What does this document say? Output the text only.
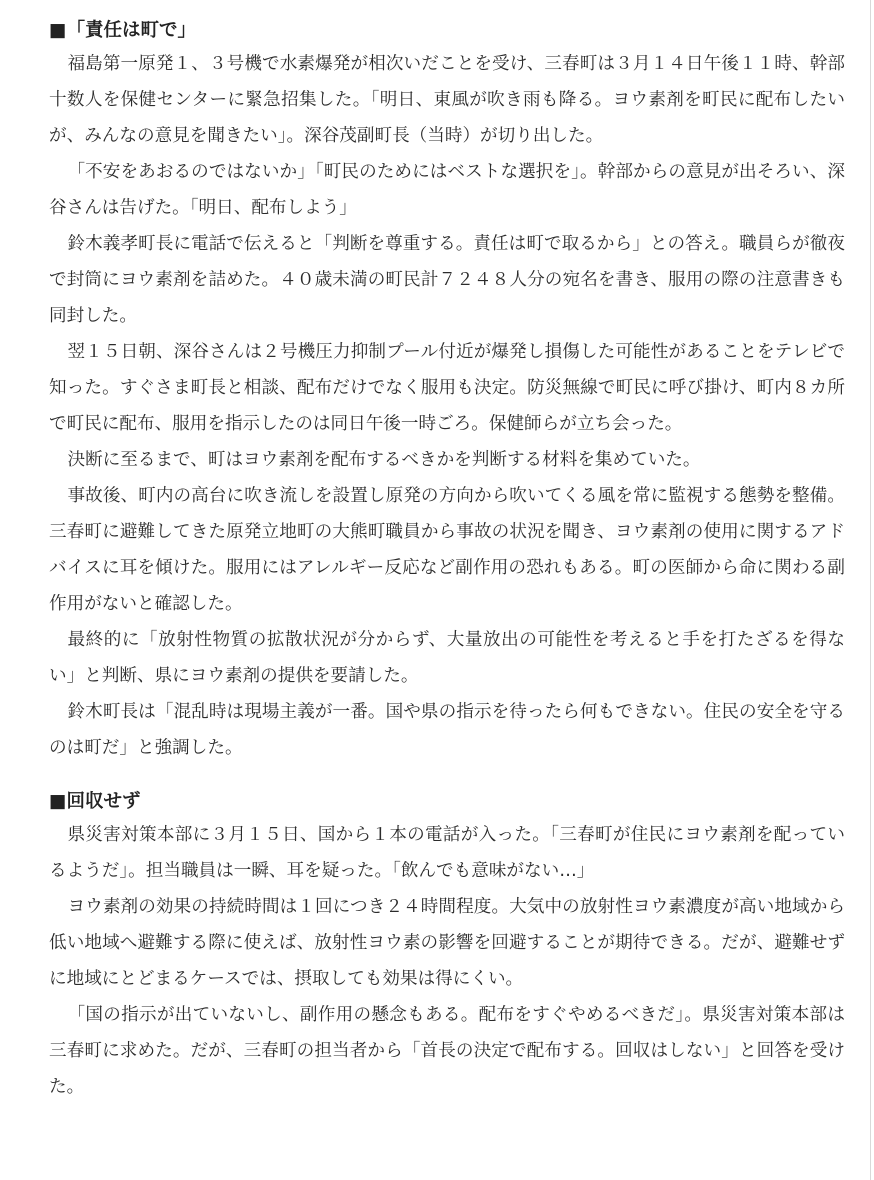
■「責任は町で」

福島第一原発１、３号機で水素爆発が相次いだことを受け、三春町は３月１４日午後１１時、幹部十数人を保健センターに緊急招集した。「明日、東風が吹き雨も降る。ヨウ素剤を町民に配布したいが、みんなの意見を聞きたい」。深谷茂副町長（当時）が切り出した。

「不安をあおるのではないか」「町民のためにはベストな選択を」。幹部からの意見が出そろい、深谷さんは告げた。「明日、配布しよう」

鈴木義孝町長に電話で伝えると「判断を尊重する。責任は町で取るから」との答え。職員らが徹夜で封筒にヨウ素剤を詰めた。４０歳未満の町民計７２４８人分の宛名を書き、服用の際の注意書きも同封した。

翌１５日朝、深谷さんは２号機圧力抑制プール付近が爆発し損傷した可能性があることをテレビで知った。すぐさま町長と相談、配布だけでなく服用も決定。防災無線で町民に呼び掛け、町内８カ所で町民に配布、服用を指示したのは同日午後一時ごろ。保健師らが立ち会った。

決断に至るまで、町はヨウ素剤を配布するべきかを判断する材料を集めていた。

事故後、町内の高台に吹き流しを設置し原発の方向から吹いてくる風を常に監視する態勢を整備。三春町に避難してきた原発立地町の大熊町職員から事故の状況を聞き、ヨウ素剤の使用に関するアドバイスに耳を傾けた。服用にはアレルギー反応など副作用の恐れもある。町の医師から命に関わる副作用がないと確認した。

最終的に「放射性物質の拡散状況が分からず、大量放出の可能性を考えると手を打たざるを得ない」と判断、県にヨウ素剤の提供を要請した。

鈴木町長は「混乱時は現場主義が一番。国や県の指示を待ったら何もできない。住民の安全を守るのは町だ」と強調した。

■回収せず

県災害対策本部に３月１５日、国から１本の電話が入った。「三春町が住民にヨウ素剤を配っているようだ」。担当職員は一瞬、耳を疑った。「飲んでも意味がない…」

ヨウ素剤の効果の持続時間は１回につき２４時間程度。大気中の放射性ヨウ素濃度が高い地域から低い地域へ避難する際に使えば、放射性ヨウ素の影響を回避することが期待できる。だが、避難せずに地域にとどまるケースでは、摂取しても効果は得にくい。

「国の指示が出ていないし、副作用の懸念もある。配布をすぐやめるべきだ」。県災害対策本部は三春町に求めた。だが、三春町の担当者から「首長の決定で配布する。回収はしない」と回答を受けた。
